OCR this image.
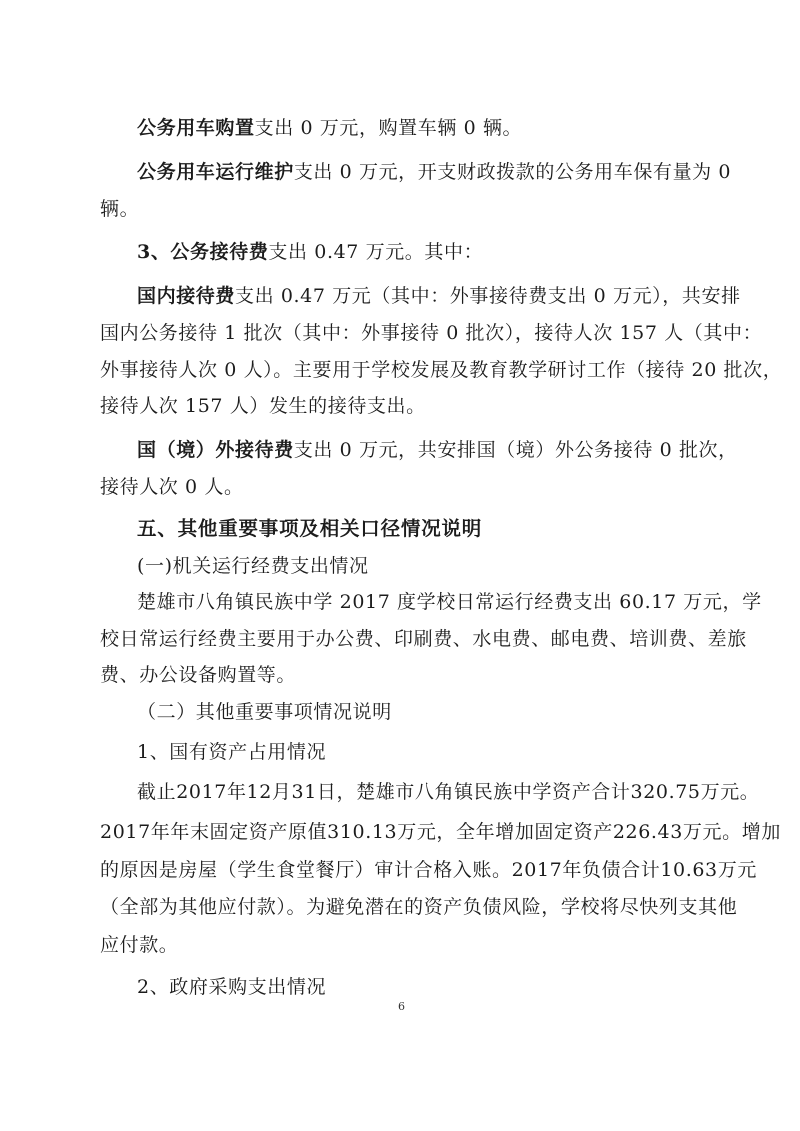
公务用车购置支出 0 万元，购置车辆 0 辆。
公务用车运行维护支出 0 万元，开支财政拨款的公务用车保有量为 0
辆。
3、公务接待费支出 0.47 万元。其中：
国内接待费支出 0.47 万元（其中：外事接待费支出 0 万元），共安排
国内公务接待 1 批次（其中：外事接待 0 批次），接待人次 157 人（其中：
外事接待人次 0 人）。主要用于学校发展及教育教学研讨工作（接待 20 批次，
接待人次 157 人）发生的接待支出。
国（境）外接待费支出 0 万元，共安排国（境）外公务接待 0 批次，
接待人次 0 人。
五、其他重要事项及相关口径情况说明
(一)机关运行经费支出情况
楚雄市八角镇民族中学 2017 度学校日常运行经费支出 60.17 万元，学
校日常运行经费主要用于办公费、印刷费、水电费、邮电费、培训费、差旅
费、办公设备购置等。
（二）其他重要事项情况说明
1、国有资产占用情况
截止2017年12月31日，楚雄市八角镇民族中学资产合计320.75万元。
2017年年末固定资产原值310.13万元，全年增加固定资产226.43万元。增加
的原因是房屋（学生食堂餐厅）审计合格入账。2017年负债合计10.63万元
（全部为其他应付款）。为避免潜在的资产负债风险，学校将尽快列支其他
应付款。
2、政府采购支出情况
6
